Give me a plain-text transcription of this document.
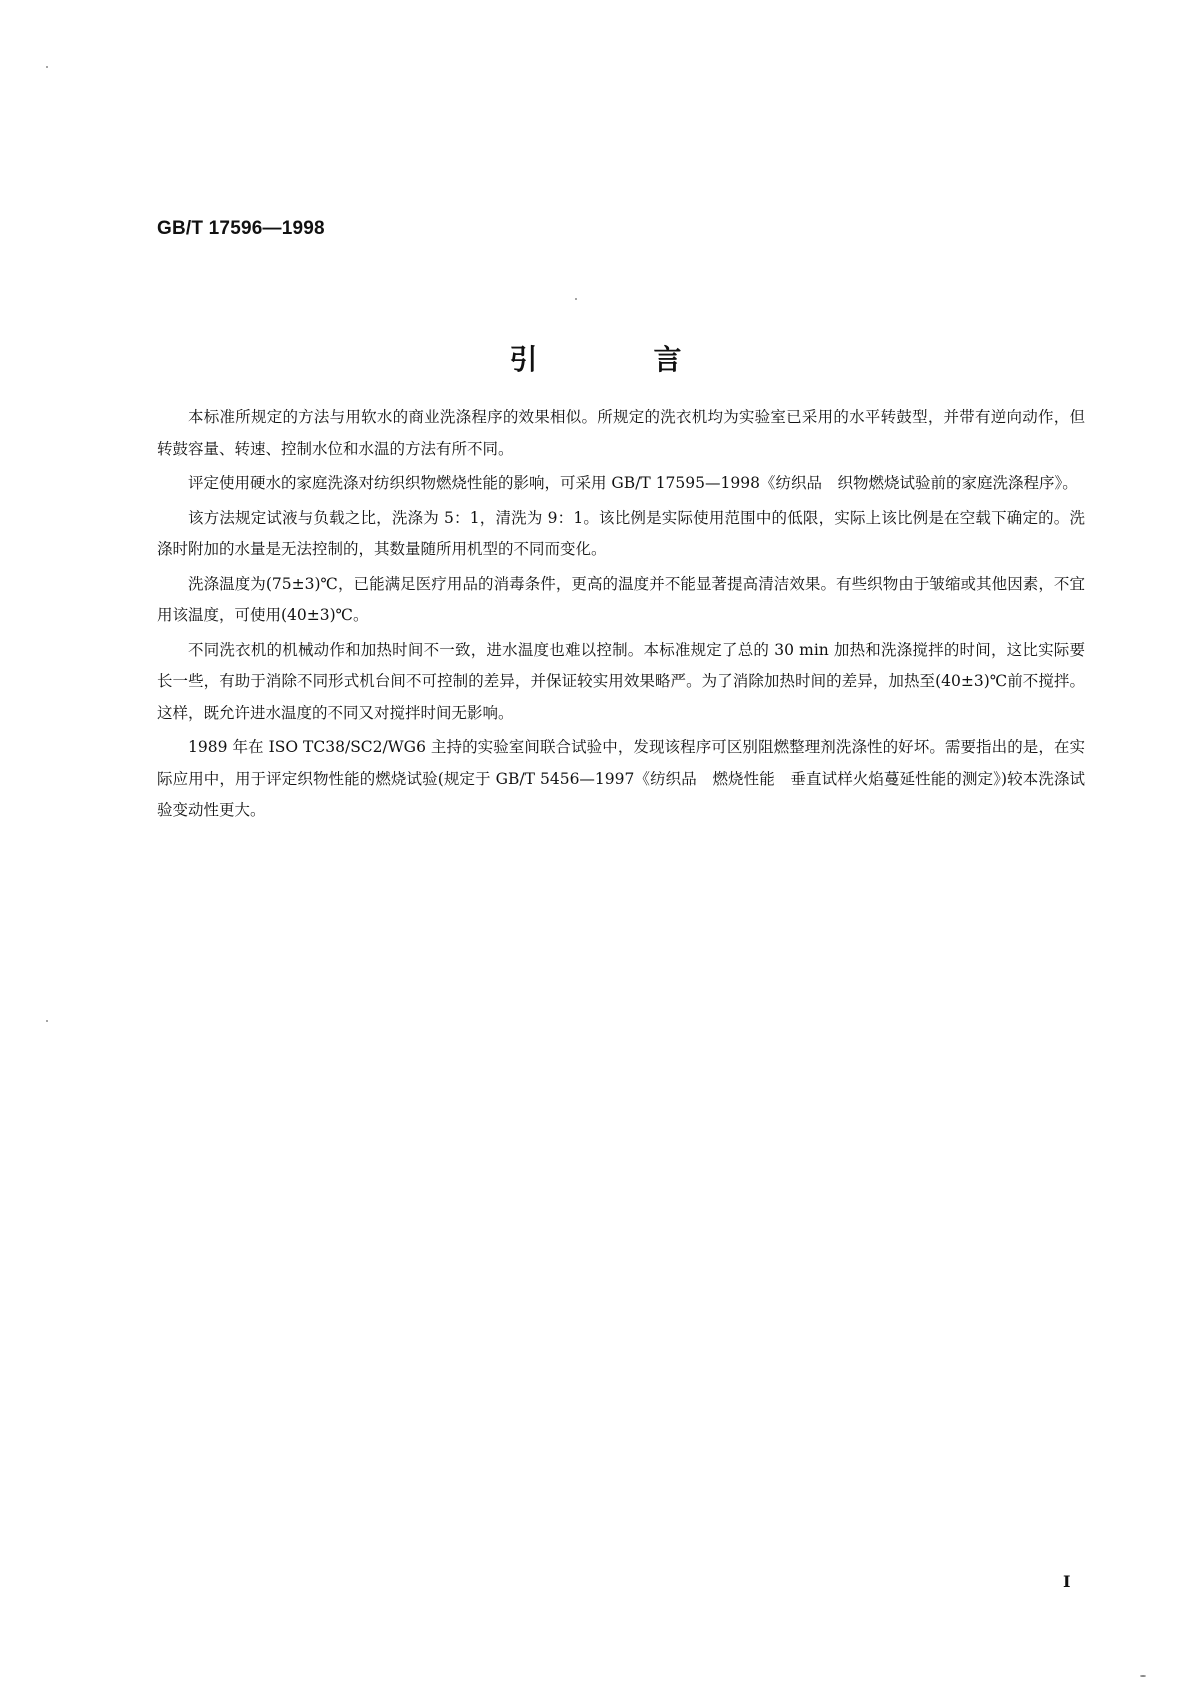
GB/T 17596—1998
引	言

本标准所规定的方法与用软水的商业洗涤程序的效果相似。所规定的洗衣机均为实验室已采用的水平转鼓型，并带有逆向动作，但转鼓容量、转速、控制水位和水温的方法有所不同。

评定使用硬水的家庭洗涤对纺织织物燃烧性能的影响，可采用 GB/T 17595—1998《纺织品　织物燃烧试验前的家庭洗涤程序》。

该方法规定试液与负载之比，洗涤为 5：1，清洗为 9：1。该比例是实际使用范围中的低限，实际上该比例是在空载下确定的。洗涤时附加的水量是无法控制的，其数量随所用机型的不同而变化。

洗涤温度为(75±3)℃，已能满足医疗用品的消毒条件，更高的温度并不能显著提高清洁效果。有些织物由于皱缩或其他因素，不宜用该温度，可使用(40±3)℃。

不同洗衣机的机械动作和加热时间不一致，进水温度也难以控制。本标准规定了总的 30 min 加热和洗涤搅拌的时间，这比实际要长一些，有助于消除不同形式机台间不可控制的差异，并保证较实用效果略严。为了消除加热时间的差异，加热至(40±3)℃前不搅拌。这样，既允许进水温度的不同又对搅拌时间无影响。

1989 年在 ISO TC38/SC2/WG6 主持的实验室间联合试验中，发现该程序可区别阻燃整理剂洗涤性的好坏。需要指出的是，在实际应用中，用于评定织物性能的燃烧试验(规定于 GB/T 5456—1997《纺织品　燃烧性能　垂直试样火焰蔓延性能的测定》)较本洗涤试验变动性更大。

I
